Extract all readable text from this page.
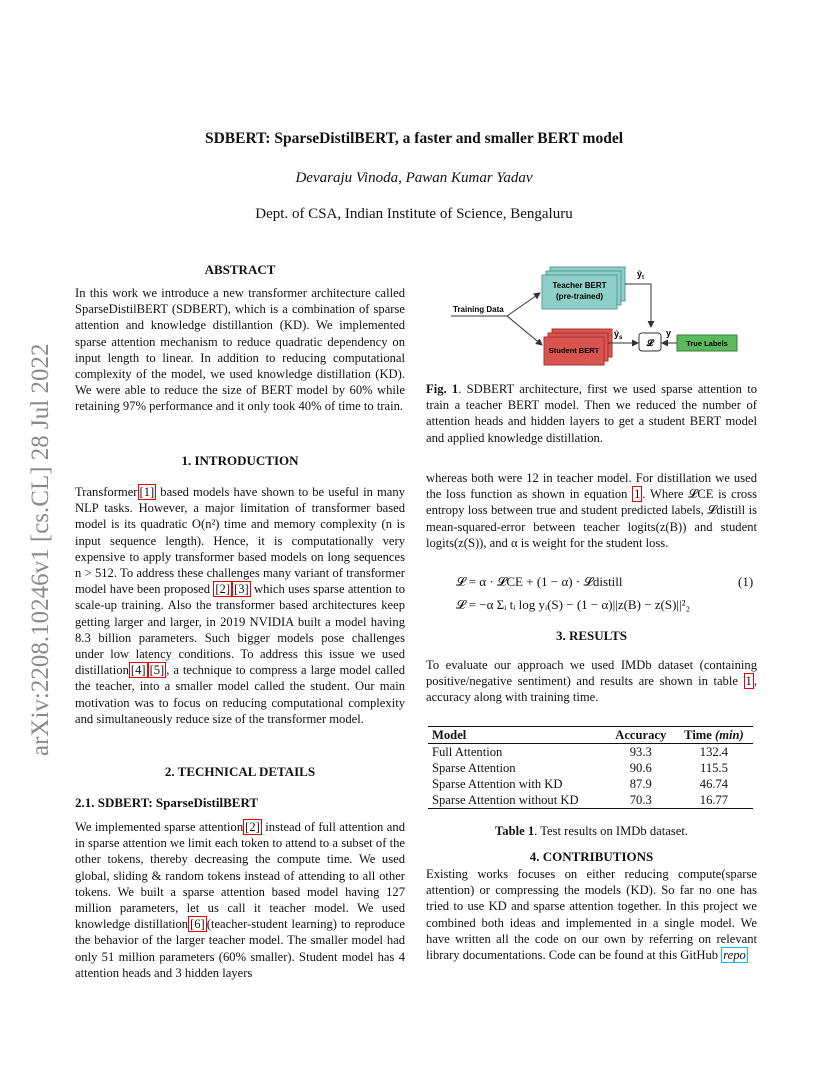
arXiv:2208.10246v1 [cs.CL] 28 Jul 2022
SDBERT: SparseDistilBERT, a faster and smaller BERT model
Devaraju Vinoda, Pawan Kumar Yadav
Dept. of CSA, Indian Institute of Science, Bengaluru
ABSTRACT
In this work we introduce a new transformer architecture called SparseDistilBERT (SDBERT), which is a combination of sparse attention and knowledge distillantion (KD). We implemented sparse attention mechanism to reduce quadratic dependency on input length to linear. In addition to reducing computational complexity of the model, we used knowledge distillation (KD). We were able to reduce the size of BERT model by 60% while retaining 97% performance and it only took 40% of time to train.
1. INTRODUCTION
Transformer [1] based models have shown to be useful in many NLP tasks. However, a major limitation of transformer based model is its quadratic O(n²) time and memory complexity (n is input sequence length). Hence, it is computationally very expensive to apply transformer based models on long sequences n > 512. To address these challenges many variant of transformer model have been proposed [2] [3] which uses sparse attention to scale-up training. Also the transformer based architectures keep getting larger and larger, in 2019 NVIDIA built a model having 8.3 billion parameters. Such bigger models pose challenges under low latency conditions. To address this issue we used distillation [4] [5] , a technique to compress a large model called the teacher, into a smaller model called the student. Our main motivation was to focus on reducing computational complexity and simultaneously reduce size of the transformer model.
2. TECHNICAL DETAILS
2.1. SDBERT: SparseDistilBERT
We implemented sparse attention [2] instead of full attention and in sparse attention we limit each token to attend to a subset of the other tokens, thereby decreasing the compute time. We used global, sliding & random tokens instead of attending to all other tokens. We built a sparse attention based model having 127 million parameters, let us call it teacher model. We used knowledge distillation [6] (teacher-student learning) to reproduce the behavior of the larger teacher model. The smaller model had only 51 million parameters (60% smaller). Student model has 4 attention heads and 3 hidden layers
Teacher BERT
(pre-trained)
Student BERT
Training Data
$ŷ_t$
𝓛
$ŷ_s$
True Labels
y
Fig. 1. SDBERT architecture, first we used sparse attention to train a teacher BERT model. Then we reduced the number of attention heads and hidden layers to get a student BERT model and applied knowledge distillation.
whereas both were 12 in teacher model. For distillation we used the loss function as shown in equation 1 . Where 𝓛CE is cross entropy loss between true and student predicted labels, 𝓛distill is mean-squared-error between teacher logits(z(B)) and student logits(z(S)), and α is weight for the student loss.
𝓛 = α · 𝓛CE + (1 − α) · 𝓛distill	(1)
𝓛 = −α Σᵢ tᵢ log yᵢ(S) − (1 − α)||z(B) − z(S)||²₂
3. RESULTS
To evaluate our approach we used IMDb dataset (containing positive/negative sentiment) and results are shown in table 1 , accuracy along with training time.
Model	Accuracy	Time (min)
Full Attention	93.3	132.4
Sparse Attention	90.6	115.5
Sparse Attention with KD	87.9	46.74
Sparse Attention without KD	70.3	16.77
Table 1. Test results on IMDb dataset.
4. CONTRIBUTIONS
Existing works focuses on either reducing compute(sparse attention) or compressing the models (KD). So far no one has tried to use KD and sparse attention together. In this project we combined both ideas and implemented in a single model. We have written all the code on our own by referring on relevant library documentations. Code can be found at this GitHub repo
